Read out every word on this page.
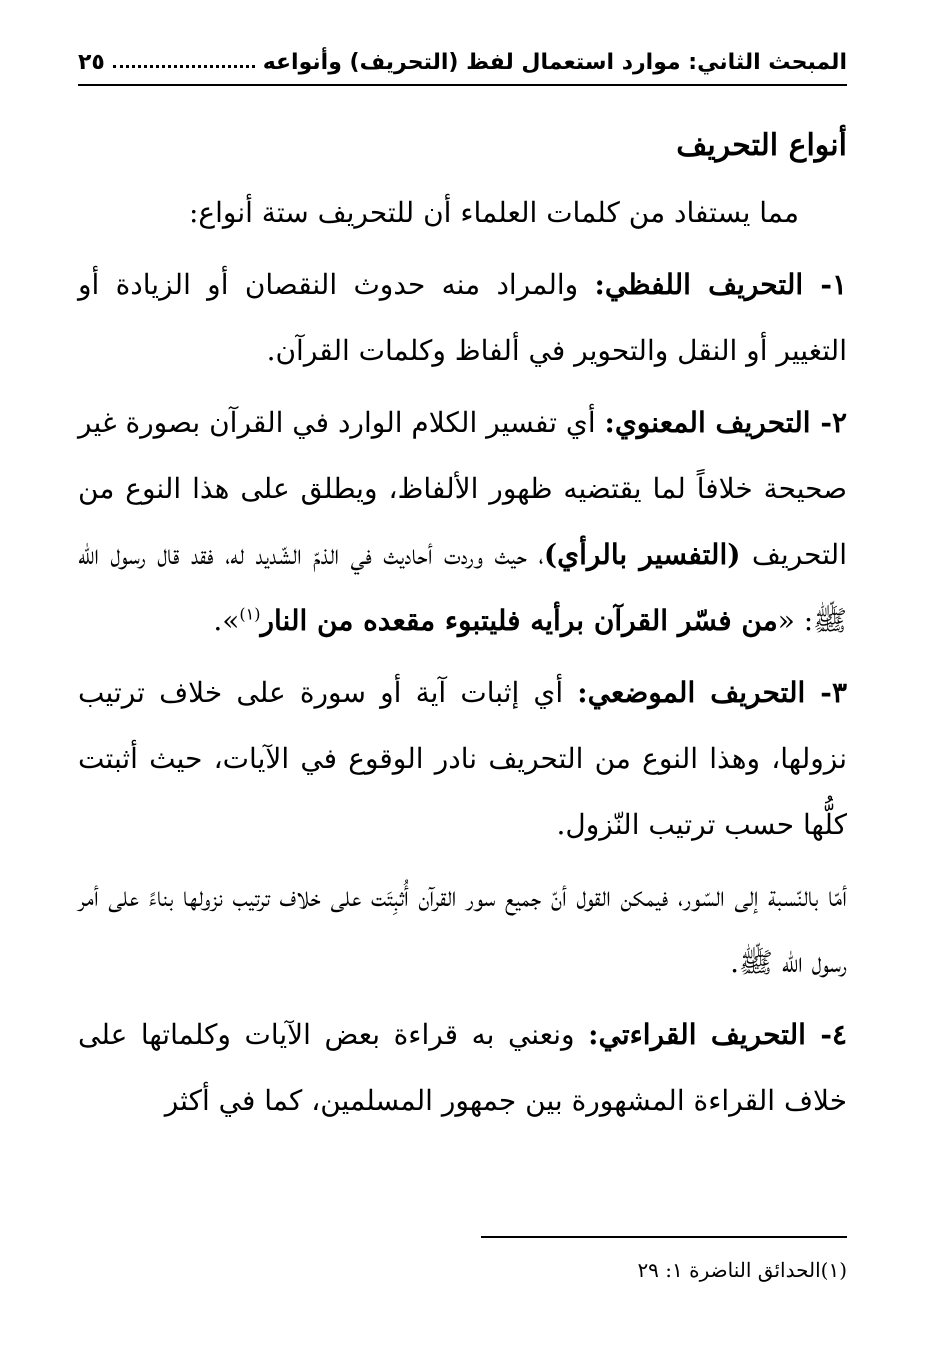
المبحث الثاني: موارد استعمال لفظ (التحريف) وأنواعه
٢٥
أنواع التحريف

مما يستفاد من كلمات العلماء أن للتحريف ستة أنواع:

١- التحريف اللفظي: والمراد منه حدوث النقصان أو الزيادة أو التغيير أو النقل والتحوير في ألفاظ وكلمات القرآن.

٢- التحريف المعنوي: أي تفسير الكلام الوارد في القرآن بصورة غير صحيحة خلافاً لما يقتضيه ظهور الألفاظ، ويطلق على هذا النوع من التحريف (التفسير بالرأي)، حيث وردت أحاديث في الذمّ الشّديد له، فقد قال رسول الله ﷺ: «من فسّر القرآن برأيه فليتبوء مقعده من النار$^{(١)}$».

٣- التحريف الموضعي: أي إثبات آية أو سورة على خلاف ترتيب نزولها، وهذا النوع من التحريف نادر الوقوع في الآيات، حيث أثبتت كلُّها حسب ترتيب النّزول.

أمّا بالنّسبة إلى السّور، فيمكن القول أنّ جميع سور القرآن أُثبِتَت على خلاف ترتيب نزولها بناءً على أمر رسول الله ﷺ.

٤- التحريف القراءتي: ونعني به قراءة بعض الآيات وكلماتها على خلاف القراءة المشهورة بين جمهور المسلمين، كما في أكثر

(١)الحدائق الناضرة ١: ٢٩
